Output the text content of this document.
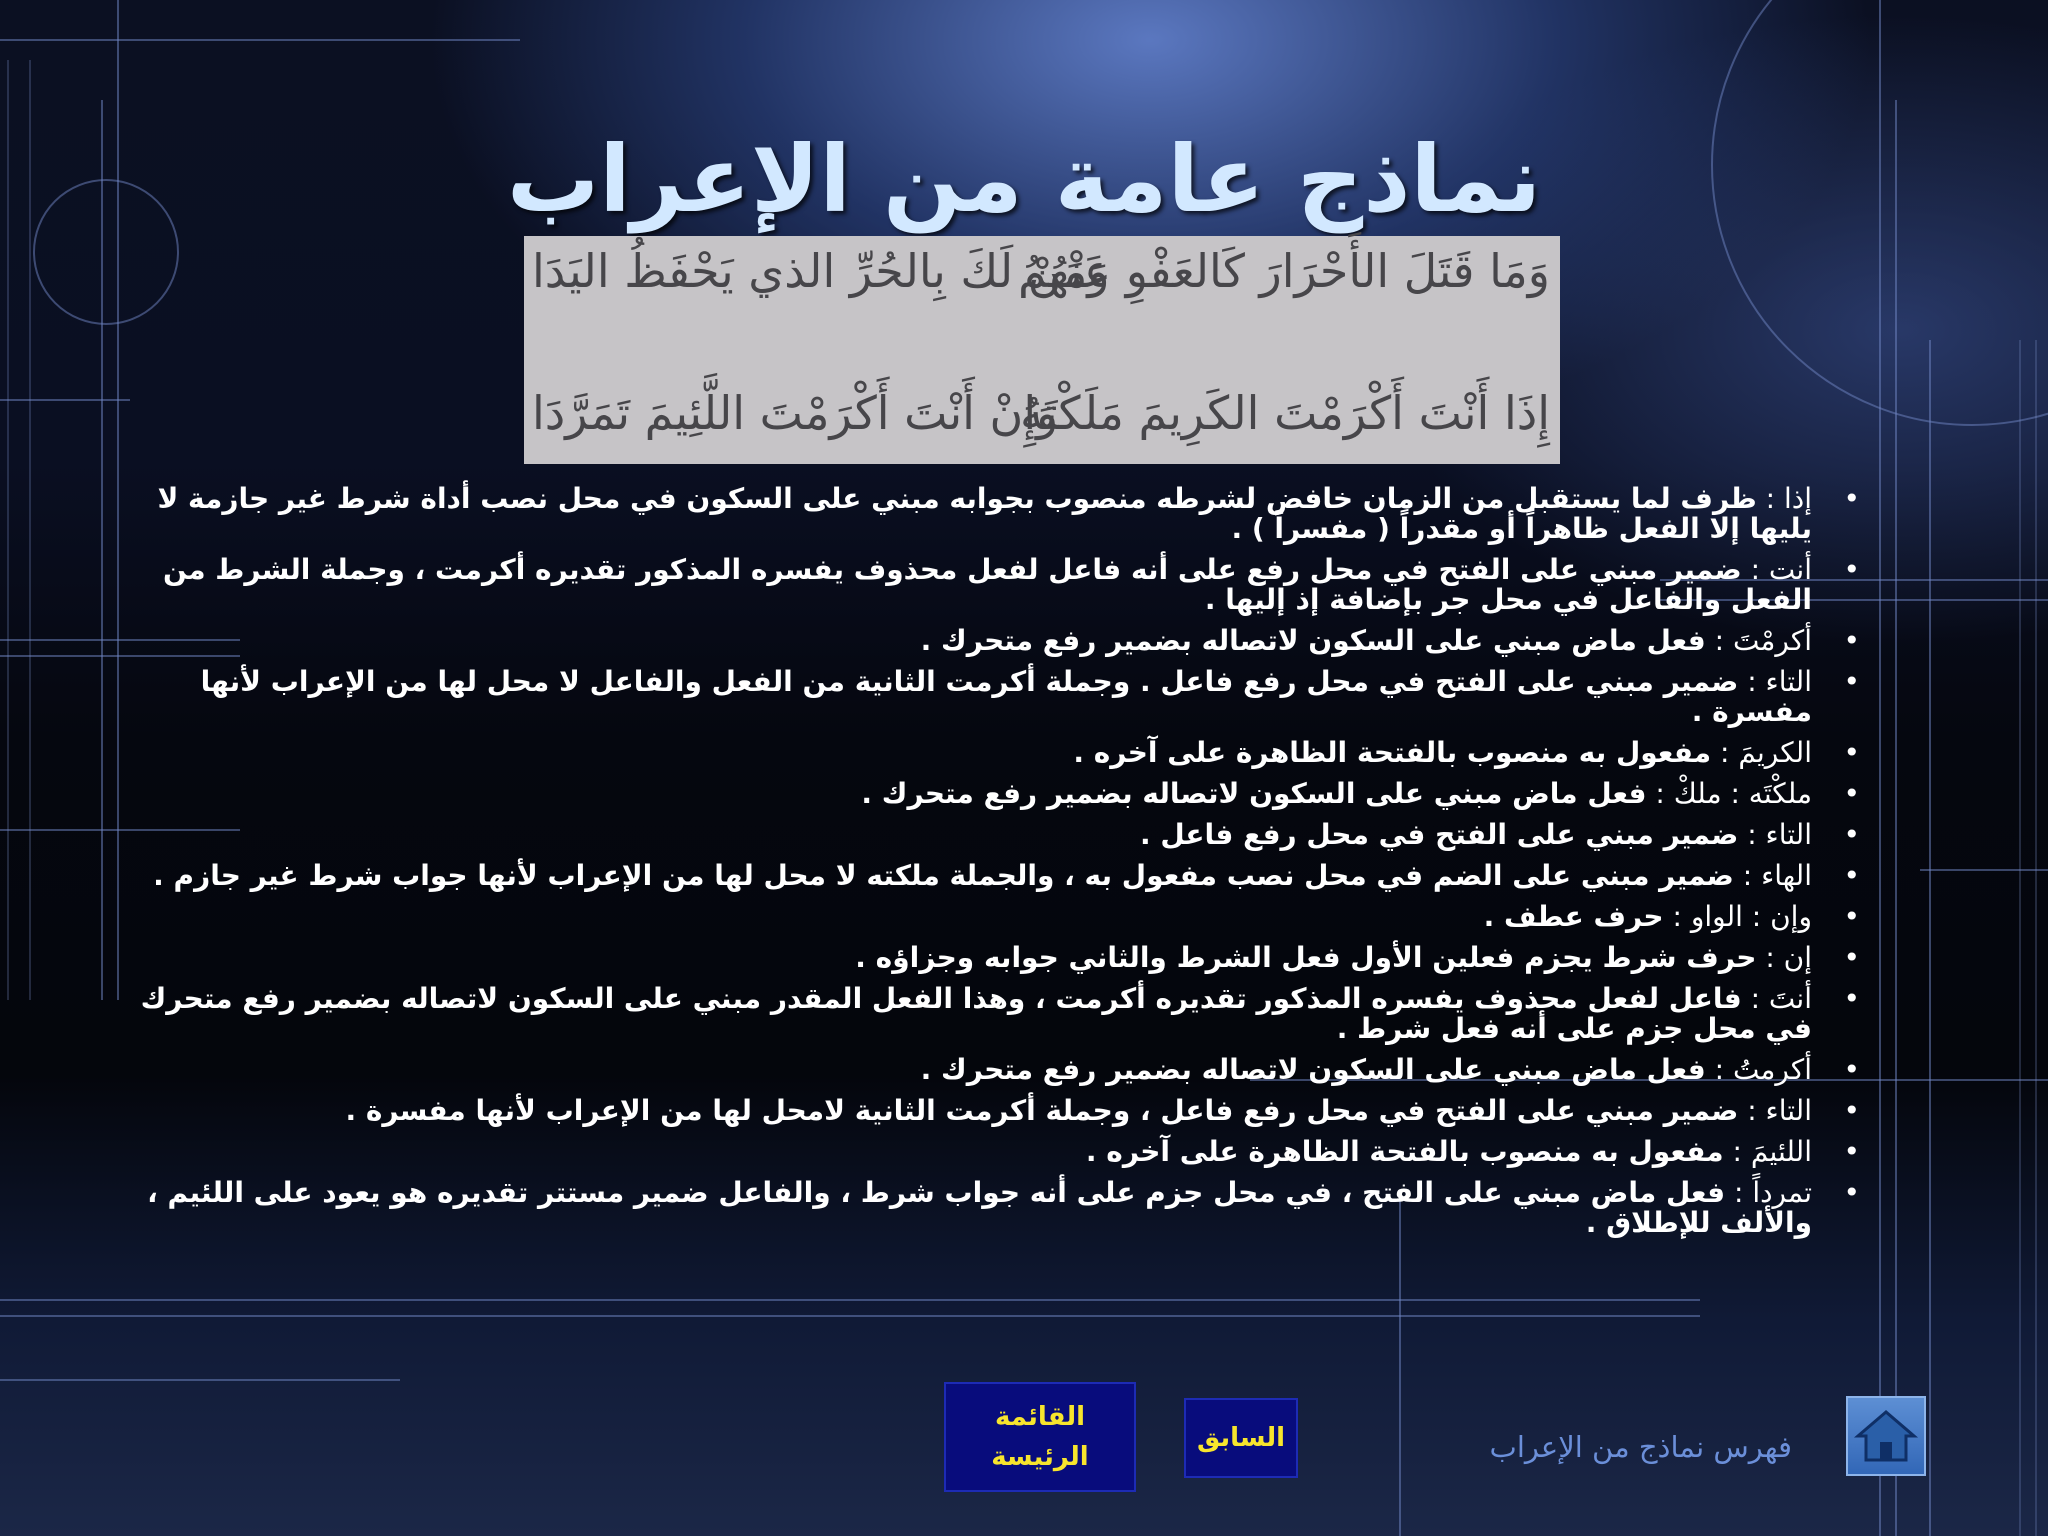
نماذج عامة من الإعراب
وَمَا قَتَلَ الأَحْرَارَ كَالعَفْوِ عَنْهُمُ
وَمَنْ لَكَ بِالحُرِّ الذي يَحْفَظُ اليَدَا
إِذَا أَنْتَ أَكْرَمْتَ الكَرِيمَ مَلَكْتَهُ
وَإِنْ أَنْتَ أَكْرَمْتَ اللَّئِيمَ تَمَرَّدَا
• إذا : ظرف لما يستقبل من الزمان خافض لشرطه منصوب بجوابه مبني على السكون في محل نصب أداة شرط غير جازمة لا يليها إلا الفعل ظاهراً أو مقدراً ( مفسراً ) .
• أنت : ضمير مبني على الفتح في محل رفع على أنه فاعل لفعل محذوف يفسره المذكور تقديره أكرمت ، وجملة الشرط من الفعل والفاعل في محل جر بإضافة إذ إليها .
• أكرمْتَ : فعل ماض مبني على السكون لاتصاله بضمير رفع متحرك .
• التاء : ضمير مبني على الفتح في محل رفع فاعل . وجملة أكرمت الثانية من الفعل والفاعل لا محل لها من الإعراب لأنها مفسرة .
• الكريمَ : مفعول به منصوب بالفتحة الظاهرة على آخره .
• ملكْتَه : ملكْ : فعل ماض مبني على السكون لاتصاله بضمير رفع متحرك .
• التاء : ضمير مبني على الفتح في محل رفع فاعل .
• الهاء : ضمير مبني على الضم في محل نصب مفعول به ، والجملة ملكته لا محل لها من الإعراب لأنها جواب شرط غير جازم .
• وإن : الواو : حرف عطف .
• إن : حرف شرط يجزم فعلين الأول فعل الشرط والثاني جوابه وجزاؤه .
• أنتَ : فاعل لفعل محذوف يفسره المذكور تقديره أكرمت ، وهذا الفعل المقدر مبني على السكون لاتصاله بضمير رفع متحرك في محل جزم على أنه فعل شرط .
• أكرمتُ : فعل ماض مبني على السكون لاتصاله بضمير رفع متحرك .
• التاء : ضمير مبني على الفتح في محل رفع فاعل ، وجملة أكرمت الثانية لامحل لها من الإعراب لأنها مفسرة .
• اللئيمَ : مفعول به منصوب بالفتحة الظاهرة على آخره .
• تمرداً : فعل ماض مبني على الفتح ، في محل جزم على أنه جواب شرط ، والفاعل ضمير مستتر تقديره هو يعود على اللئيم ، والألف للإطلاق .
القائمة الرئيسة
السابق	فهرس نماذج من الإعراب
